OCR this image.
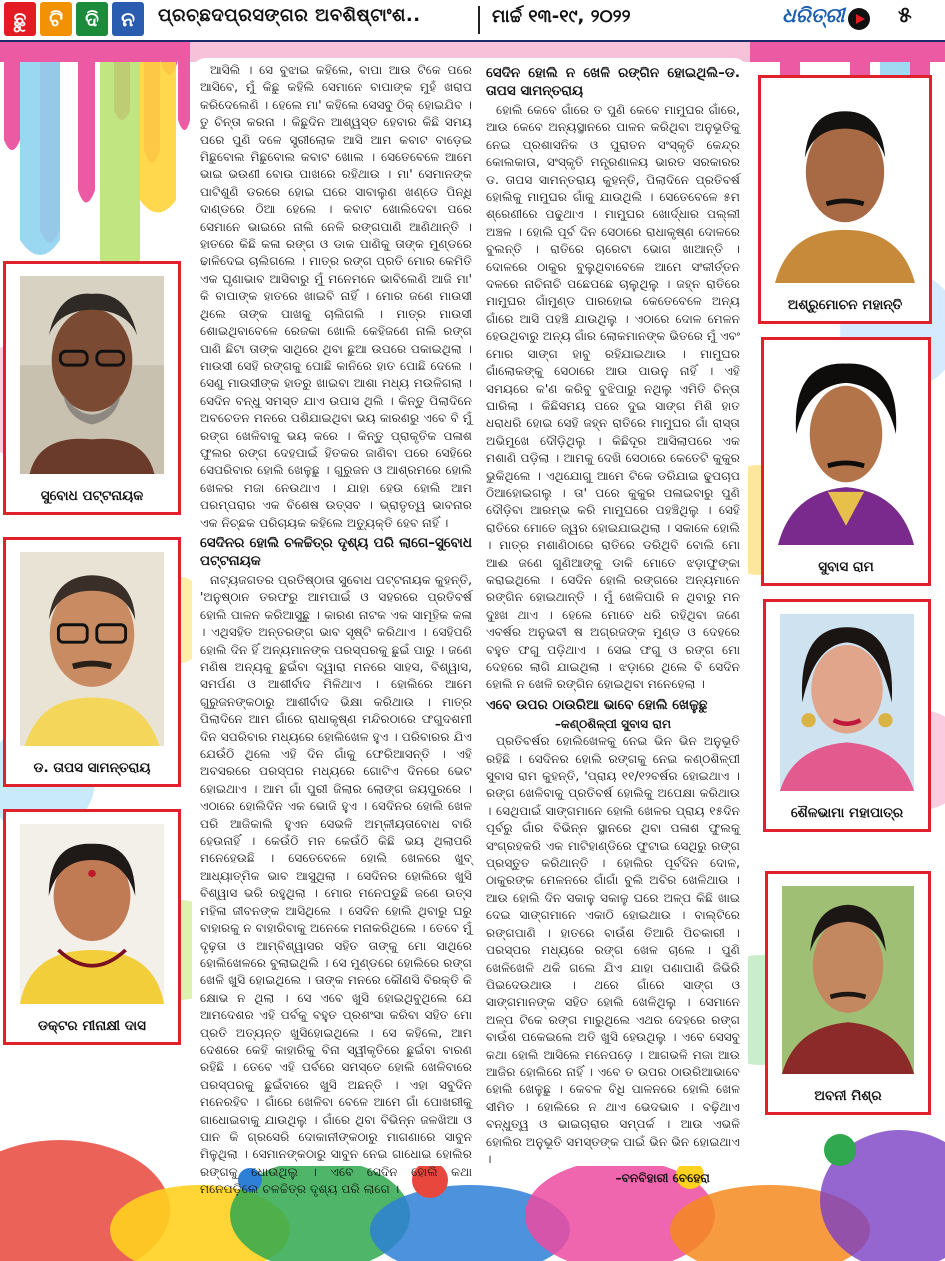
ଛୁ	ଟି	ଦି	ନ	ପ୍ରଚ୍ଛଦପ୍ରସଙ୍ଗର ଅବଶିଷ୍ଟାଂଶ..	ମାର୍ଚ୍ଚ ୧୩-୧୯, ୨୦୨୨	ଧରିତ୍ରୀ ୫

ଆସିଲି । ସେ ବୁଝାଇ କହିଲେ, ବାପା ଆଉ ଟିକେ ପରେ ଆସିବେ, ମୁଁ କିଛୁ କହିଲି ସେମାନେ ବାପାଙ୍କ ମୁହଁ ଖରାପ କରିଦେଲେଣି । ହେଲେ ମା' କହିଲେ ସେସବୁ ଠିକ୍ ହୋଇଯିବ । ତୁ ଚିନ୍ତା କରନା । କିଛୁଦିନ ଆଶ୍ୱସ୍ତ ହେବାର କିଛି ସମୟ ପରେ ପୁଣି ଦଳେ ସ୍ତ୍ରୀଲୋକ ଆସି ଆମ କବାଟ ବାଡ଼େଇ ମିଛୁବୋଲ ମିଛୁବୋଲ କବାଟ ଖୋଲ । ସେତେବେଳେ ଆମେ ଭାଇ ଭଉଣୀ ବୋଉ ପାଖରେ ରହିଥାଉ । ମା' ସେମାନଙ୍କ ପାଟିଶୁଣି ଡରରେ ହୋଇ ଘରେ ସାବାଲୁଣ ଖଣ୍ଡେ ପିନ୍ଧି ଦାଣ୍ଡରେ ଠିଆ ହେଲେ । କବାଟ ଖୋଲିଦେବା ପରେ ସେମାନେ ଭାଇରେ ନାଲି ନେଳି ରଙ୍ଗପାଣି ଆଣିଥାନ୍ତି । ହାତରେ କିଛି କଳା ରଙ୍ଗ ଓ ଡାକ ପାଣିକୁ ତାଙ୍କ ମୁଣ୍ଡରେ ଢାଳିଦେଇ ଚାଲିଗଲେ । ମାତ୍ର ରଙ୍ଗ ପ୍ରତି ମୋର କେମିତି ଏକ ଘୃଣାଭାବ ଆସିବାରୁ ମୁଁ ମନେମନେ ଭାବିଲେଣି ଆଜି ମା' କି ବାପାଙ୍କ ହାତରେ ଖାଇବି ନାହିଁ । ମୋର ଜଣେ ମାଉସୀ ଥିଲେ ତାଙ୍କ ପାଖକୁ ଚାଲିଗଲି । ମାତ୍ର ମାଉସୀ ଶୋଇଥିବାବେଳେ ରେଜକା ଖୋଲି କେହିଜଣେ ନାଲି ରଙ୍ଗ ପାଣି ଛିଟା ତାଙ୍କ ସାଥିରେ ଥିବା ଛୁଆ ଉପରେ ପକାଇଥିଲା । ମାଉସୀ ସେହି ରଙ୍ଗକୁ ପୋଛି କାନିରେ ହାତ ପୋଛି ଦେଲେ । ସେଣୁ ମାଉସୀଙ୍କ ହାତରୁ ଖାଇବା ଆଶା ମଧ୍ୟ ମଉଳିଗଲା । ସେଦିନ ବନ୍ଧୁ ସମସ୍ତ ଯାଏ ଉପାସ ଥିଲି । କିନ୍ତୁ ପିଲାଦିନେ ଅବଚେତନ ମନରେ ପଶିଯାଇଥିବା ଭୟ କାରଣରୁ ଏବେ ବି ମୁଁ ରଙ୍ଗ ଖେଳିବାକୁ ଭୟ କରେ । କିନ୍ତୁ ପ୍ରାକୃତିକ ପଳାଶ ଫୁଲର ରଙ୍ଗ ଦେହପାଇଁ ହିତକର ଜାଣିବା ପରେ ସେହିରେ ସେପରିବାର ହୋଲି ଖେଳୁଛୁ । ଗୁରୁଜନ ଓ ଆଶ୍ରମରେ ହୋଲି ଖେଳର ମଜା ନେଉଥାଏ । ଯାହା ହେଉ ହୋଲି ଆମ ପରମ୍ପରାର ଏକ ବିଶେଷ ଉତ୍ସବ । ଭ୍ରାତୃତ୍ୱ ଭାବନାର ଏକ ନିଚ୍ଛକ ପରିଚାୟକ କହିଲେ ଅତ୍ୟୁକ୍ତି ହେବ ନାହିଁ ।

ସେଦିନର ହୋଲି ଚଳଚ୍ଚିତ୍ର ଦୃଶ୍ୟ ପରି ଲାଗେ–ସୁବୋଧ ପଟ୍ଟନାୟକ

ନାଟ୍ୟଜଗତର ପ୍ରତିଷ୍ଠାତା ସୁବୋଧ ପଟ୍ଟନାୟକ କୁହନ୍ତି, 'ଅନୁଷ୍ଠାନ ତରଫରୁ ଆମପାଇଁ ଓ ସହରରେ ପ୍ରତିବର୍ଷ ହୋଲି ପାଳନ କରିଆସୁଛୁ । କାରଣ ନାଟକ ଏକ ସାମୂହିକ କଳା । ଏଥିସହିତ ଅନ୍ତରଙ୍ଗ ଭାବ ସୃଷ୍ଟି କରିଥାଏ । ସେହିପରି ହୋଲି ଦିନ ହିଁ ଅନ୍ୟମାନଙ୍କ ପରସ୍ପରକୁ ଛୁଇଁ ପାରୁ । ଜଣେ ମଣିଷ ଅନ୍ୟକୁ ଛୁଇଁବା ଦ୍ୱାରା ମନରେ ସାହସ, ବିଶ୍ୱାସ, ସମର୍ପଣ ଓ ଆଶୀର୍ବାଦ ମିଳିଥାଏ । ହୋଲିରେ ଆମେ ଗୁରୁଜନଙ୍କଠାରୁ ଆଶୀର୍ବାଦ ଭିକ୍ଷା କରିଥାଉ । ମାତ୍ର ପିଲାଦିନେ ଆମ ଗାଁରେ ରାଧାକୃଷ୍ଣ ମନ୍ଦିରଠାରେ ଫଗୁଦଶମୀ ଦିନ ସପରିବାର ମଧ୍ୟରେ ହୋଲିଖେଳ ହୁଏ । ପରିବାରର ଯିଏ ଯେଉଁଠି ଥିଲେ ଏହି ଦିନ ଗାଁକୁ ଫେରିଆସନ୍ତି । ଏହି ଅବସରରେ ପରସ୍ପର ମଧ୍ୟରେ ଗୋଟିଏ ଦିନରେ ଭେଟ ହୋଇଥାଏ । ଆମ ଗାଁ ପୁରୀ ଜିଲାର ଲୋଙ୍ଗ ଜୟପୁରରେ । ଏଠାରେ ହୋଲିଦିନ ଏକ ଭୋଜି ହୁଏ । ସେଦିନର ହୋଲି ଖେଳ ପରି ଆଜିକାଲି ହୁଏନ ସେଭଳି ଅମ୍ଳୀୟତାବୋଧ ବାରି ହେଉନାହିଁ । କେଉଁଠି ମନ କେଉଁଠି କିଛି ଭୟ ଥିଲାପରି ମନେହେଉଛି । ସେତେବେଳେ ହୋଲି ଖେଳରେ ଖୁବ୍ ଆଧ୍ୟାତ୍ମିକ ଭାବ ଆସୁଥିଲା । ସେଦିନର ହୋଲିରେ ଖୁସି ବିଶ୍ୱାସ ଭରି ରହୁଥିଲା । ମୋର ମନେପଡୁଛି ଜଣେ ଉତ୍ସ ମହିଳା ଜୀବନଙ୍କ ଆସିଥିଲେ । ସେଦିନ ହୋଲି ଥିବାରୁ ଘରୁ ବାହାରକୁ ନ ବାହାରିବାକୁ ଅନେକେ ମନାକରିଥିଲେ । ତେବେ ମୁଁ ଦୃଢ଼ତା ଓ ଆମ୍ବିଶ୍ୱାସର ସହିତ ତାଙ୍କୁ ମୋ ସାଥିରେ ହୋଲିଖେଳରେ ବୁଲାଇଥିଲି । ସେ ମୁଣ୍ଡରେ ହୋଲିରେ ରଙ୍ଗ ଖେଳି ଖୁସି ହୋଇଥିଲେ । ତାଙ୍କ ମନରେ କୌଣସି ବିରକ୍ତି କି କ୍ଷୋଭ ନ ଥିଲା । ସେ ଏବେ ଖୁସି ହୋଇଥିବୁଥିଲେ ଯେ ଆମଦେଶର ଏହି ପର୍ବକୁ ବହୁତ ପ୍ରଶଂସା କରିବା ସହିତ ମୋ ପ୍ରତି ଅତ୍ୟନ୍ତ ଖୁସିହୋଇଥିଲେ । ସେ କହିଲେ, ଆମ ଦେଶରେ କେହି କାହାରିକୁ ବିନା ସ୍ୱୀକୃତିରେ ଛୁଇଁବା ବାରଣ ରହିଛି । ତେବେ ଏହି ପର୍ବରେ ସମସ୍ତେ ହୋଲି ଖେଳିବାରେ ପରସ୍ପରକୁ ଛୁଇଁବାରେ ଖୁସି ଅଛନ୍ତି । ଏହା ସବୁଦିନ ମନେରହିବ । ଗାଁରେ ଖେଳିବା ବେଳେ ଆମେ ଗାଁ ପୋଖରୀକୁ ଗାଧୋଇବାକୁ ଯାଉଥିଲୁ । ଗାଁରେ ଥିବା ବିଭିନ୍ନ ଜଳଖିଆ ଓ ପାନ କି ଗ୍ରସେରି ଦୋକାନୀଙ୍କଠାରୁ ମାଗଣାରେ ସାବୁନ ମିଳୁଥିଲା । ସେମାନଙ୍କଠାରୁ ସାବୁନ ନେଇ ଗାଧୋଇ ହୋଲିର ରଙ୍ଗକୁ ଧୋଉଥିଲୁ । ଏବେ ସେଦିନ ହୋଲି କଥା ମନେପଡ଼ିଲେ ଚଳଚ୍ଚିତ୍ର ଦୃଶ୍ୟ ପରି ଲାଗେ ।

ସେଦିନ ହୋଲି ନ ଖେଳି ରଙ୍ଗିନ ହୋଇଥିଲି–ଡ. ତାପସ ସାମନ୍ତରାୟ

ହୋଲି କେବେ ଗାଁରେ ତ ପୁଣି କେବେ ମାମୁଘର ଗାଁରେ, ଆଉ କେବେ ଅନ୍ୟସ୍ଥାନରେ ପାଳନ କରିଥିବା ଅନୁଭୂତିକୁ ନେଇ ପ୍ରଶାସନିକ ଓ ପୁରାତନ ସଂସ୍କୃତି କେନ୍ଦ୍ର କୋଲକାତା, ସଂସ୍କୃତି ମନ୍ତ୍ରଣାଳୟ ଭାରତ ସରକାରର ଡ. ତାପସ ସାମନ୍ତରାୟ କୁହନ୍ତି, ପିଲାଦିନେ ପ୍ରତିବର୍ଷ ହୋଲିକୁ ମାମୁଘର ଗାଁକୁ ଯାଉଥିଲି । ସେତେବେଳେ ୫ମ ଶ୍ରେଣୀରେ ପଢୁଥାଏ । ମାମୁଘର ଖୋର୍ଦ୍ଧାର ପଲ୍ଲୀ ଅଞ୍ଚଳ । ହୋଲି ପୂର୍ବ ଦିନ ସେଠାରେ ରାଧାକୃଷ୍ଣ ଦୋଳରେ ବୁଲନ୍ତି । ରାତିରେ ଚାରେଟା ଭୋଗ ଖାଆନ୍ତି । ଦୋଳରେ ଠାକୁର ବୁଲୁଥିବାବେଳେ ଆମେ ସଂକୀର୍ତ୍ତନ ଦଳରେ ନାଚିନାଚି ପଛେପଛେ ଚାଲୁଥିଲୁ । ଜହ୍ନ ରାତିରେ ମାମୁଘର ଗାଁମୁଣ୍ଡ ପାରହୋଇ କେତେବେଳେ ଅନ୍ୟ ଗାଁରେ ଆସି ପହଞ୍ଚି ଯାଉଥିଲୁ । ଏଠାରେ ଦୋଳ ମେଳନ ହେଉଥିବାରୁ ଅନ୍ୟ ଗାଁର ଲୋକମାନଙ୍କ ଭିତରେ ମୁଁ ଏବଂ ମୋର ସାଙ୍ଗ ହାବୁ ରହିଯାଇଥାଉ । ମାମୁଘର ଗାଁଲୋକଙ୍କୁ ସେଠାରେ ଆଉ ପାଉନୁ ନାହିଁ । ଏହି ସମୟରେ କ'ଣ କରିବୁ ବୁଝିପାରୁ ନଥିଲୁ ଏମିତି ଚିନ୍ତା ଘାରିଲା । କିଛିସମୟ ପରେ ଦୁଇ ସାଙ୍ଗ ମିଶି ହାତ ଧରାଧରି ହୋଇ ସେହି ଜହ୍ନ ରାତିରେ ମାମୁଘର ଗାଁ ରାସ୍ତା ଅଭିମୁଖେ ଦୌଡ଼ିଥିଲୁ । କିଛିଦୂର ଆସିଲାପରେ ଏକ ମଶାଣି ପଡ଼ିଲା । ଆମକୁ ଦେଖି ସେଠାରେ କେତେଟି କୁକୁର ଭୁକିଥିଲେ । ଏଥିଯୋଗୁ ଆମେ ଟିକେ ଡରିଯାଇ ଢୁପଚାପ ଠିଆହୋଇଗଲୁ । ତା' ପରେ କୁକୁର ପଳାଇବାରୁ ପୁଣି ଦୌଡ଼ିବା ଆରମ୍ଭ କରି ମାମୁଘରେ ପହଞ୍ଚିଥିଲୁ । ସେହି ରାତିରେ ମୋତେ ଜ୍ୱର ହୋଇଯାଇଥିଲା । ସକାଳେ ହୋଲି । ମାତ୍ର ମଶାଣିଠାରେ ରାତିରେ ଡରିଥିବି ବୋଲି ମୋ ଆଈ ଜଣେ ଗୁଣିଆଙ୍କୁ ଡାକି ମୋତେ ଝଡ଼ାଫୁଙ୍କା କରାଇଥିଲେ । ସେଦିନ ହୋଲି ରଙ୍ଗରେ ଅନ୍ୟମାନେ ରଙ୍ଗିନ ହୋଇଥାନ୍ତି । ମୁଁ ଖେଳିପାରି ନ ଥିବାରୁ ମନ ଦୁଃଖ ଥାଏ । ହେଲେ ମୋତେ ଧରି ରହିଥିବା ଜଣେ ଏବର୍ଷର ଅନୁଭବୀ ଷ ଅଗ୍ରଜଙ୍କ ମୁଣ୍ଡ ଓ ଦେହରେ ବହୁତ ଫଗୁ ପଡ଼ିଥାଏ । ସେଇ ଫଗୁ ଓ ରଙ୍ଗ ମୋ ଦେହରେ ଲାଗି ଯାଇଥିଲା । ଝଡ଼ାରେ ଥିଲେ ବି ସେଦିନ ହୋଲି ନ ଖେଳି ରଙ୍ଗିନ ହୋଇଥିବା ମନେହେଲା ।

ଏବେ ଉପର ଠାଉରିଆ ଭାବେ ହୋଲି ଖେଳୁଛୁ
–କଣ୍ଠଶିଳ୍ପୀ ସୁବାସ ରାମ

ପ୍ରତିବର୍ଷର ହୋଲିଖେଳକୁ ନେଇ ଭିନ ଭିନ ଅନୁଭୂତି ରହିଛି । ସେଦିନର ହୋଲି ରଙ୍ଗକୁ ନେଇ କଣ୍ଠଶିଳ୍ପୀ ସୁବାସ ରାମ କୁହନ୍ତି, 'ପ୍ରାୟ ୧୧/୧୨ବର୍ଷର ହୋଇଥାଏ । ରଙ୍ଗ ଖେଳିବାକୁ ପ୍ରତିବର୍ଷ ହୋଲିକୁ ଅପେକ୍ଷା କରିଥାଉ । ସେଥିପାଇଁ ସାଙ୍ଗମାନେ ହୋଲି ଖେଳର ପ୍ରାୟ ୧୫ଦିନ ପୂର୍ବରୁ ଗାଁର ବିଭିନ୍ନ ସ୍ଥାନରେ ଥିବା ପଳାଶ ଫୁଲକୁ ସଂଗ୍ରହକରି ଏକ ମାଟିହାଣ୍ଡିରେ ଫୁଟାଇ ସେଥିରୁ ରଙ୍ଗ ପ୍ରସ୍ତୁତ କରିଥାନ୍ତି । ହୋଲିର ପୂର୍ବଦିନ ଦୋଳ, ଠାକୁରଙ୍କ ମେଳନରେ ଗାଁଗାଁ ବୁଲି ଅବିର ଖେଳିଥାଉ । ଆଉ ହୋଲି ଦିନ ସକାଳୁ ସକାଳୁ ଘରେ ଅଳ୍ପ କିଛି ଖାଇ ଦେଇ ସାଙ୍ଗମାନେ ଏକାଠି ହୋଇଥାଉ । ବାଲ୍ଟିରେ ରଙ୍ଗପାଣି । ହାତରେ ବାଉଁଶ ତିଆରି ପିଚକାରୀ । ପରସ୍ପର ମଧ୍ୟରେ ରଙ୍ଗ ଖେଳ ଚାଲେ । ପୁଣି ଖେଳିଖେଳି ଥକି ଗଲେ ଯିଏ ଯାହା ପଣାପାଣି ଜିଭିରି ପିଇଦେଉଥାଉ । ଥରେ ଗାଁରେ ସାଙ୍ଗ ଓ ସାଙ୍ଗମାନଙ୍କ ସହିତ ହୋଲି ଖେଳିଥିଲୁ । ସେମାନେ ଅଳ୍ପ ଟିକେ ରଙ୍ଗ ମାରୁଥିଲେ ଏଥର ଦେହରେ ରଙ୍ଗ ବାଉଁଶ ପକେଇଲେ ଅତି ଖୁସି ହେଉଥିଲୁ । ଏବେ ସେସବୁ କଥା ହୋଲି ଆସିଲେ ମନେପଡ଼େ । ଆଗଭଳି ମଜା ଆଉ ଆଜିର ହୋଲିରେ ନାହିଁ । ଏବେ ତ ଉପର ଠାଉରିଆଭାବେ ହୋଲି ଖେଳୁଛୁ । କେବଳ ବିଧି ପାଳନରେ ହୋଲି ଖେଳ ସୀମିତ । ହୋଲିରେ ନ ଥାଏ ଭେଦଭାବ । ବଢ଼ିଥାଏ ବନ୍ଧୁତ୍ୱ ଓ ଭାଇଚାରାର ସମ୍ପର୍କ । ଆଉ ଏଭଳି ହୋଲିର ଅନୁଭୂତି ସମସ୍ତଙ୍କ ପାଇଁ ଭିନ ଭିନ ହୋଇଥାଏ ।

–ବନବିହାରୀ ବେହେରା
ସୁବୋଧ ପଟ୍ଟନାୟକ
ଡ. ତାପସ ସାମନ୍ତରାୟ
ଡକ୍ଟର ମୀନାକ୍ଷୀ ଦାସ
ଅଶ୍ରୁମୋଚନ ମହାନ୍ତି
ସୁବାସ ରାମ
ଶୈଳଭାମା ମହାପାତ୍ର
ଅବନୀ ମିଶ୍ର
